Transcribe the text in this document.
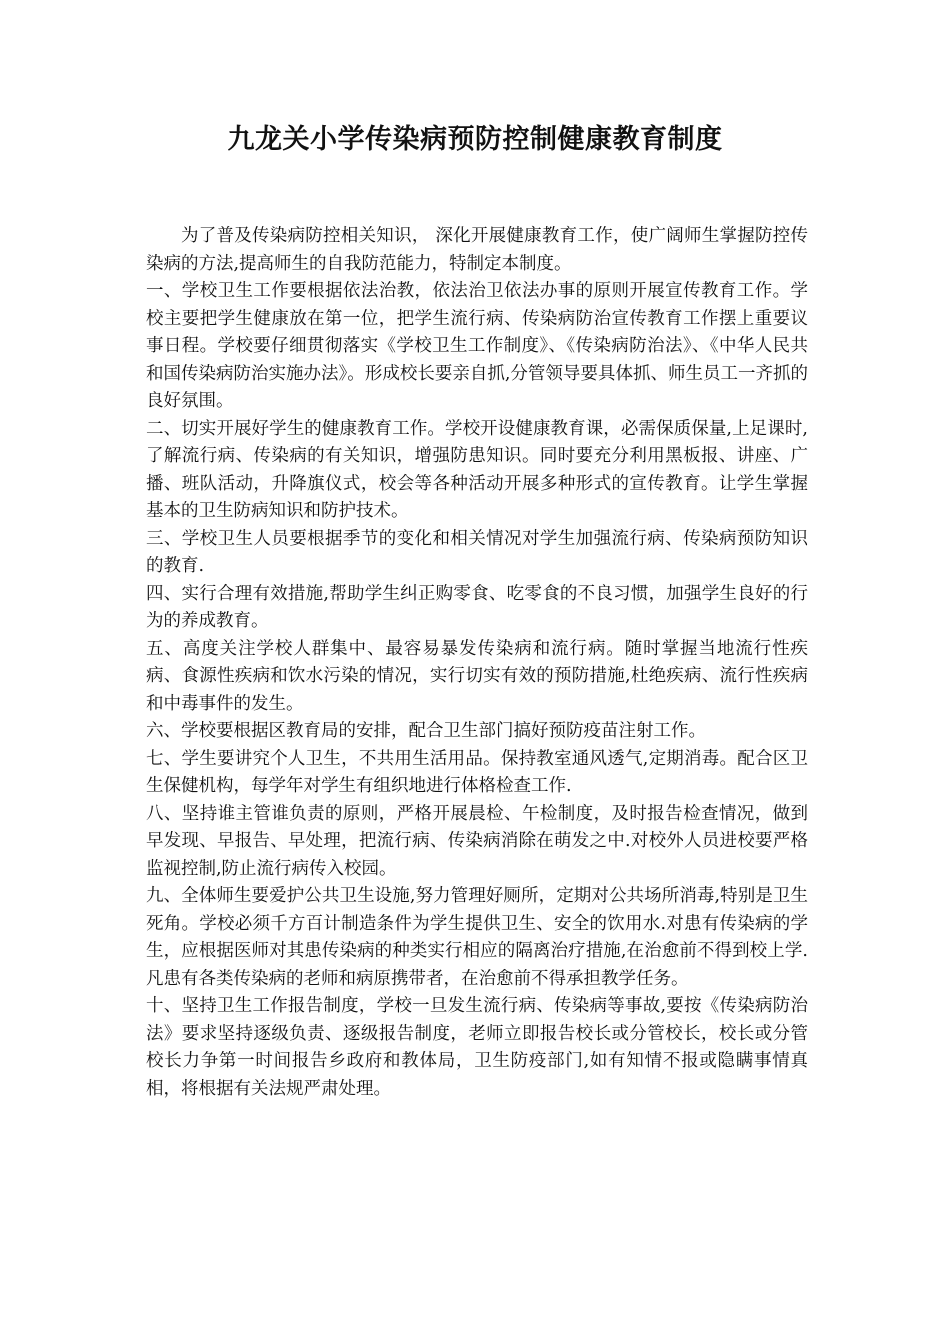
九龙关小学传染病预防控制健康教育制度

为了普及传染病防控相关知识， 深化开展健康教育工作，使广阔师生掌握防控传染病的方法,提高师生的自我防范能力，特制定本制度。

一、学校卫生工作要根据依法治教，依法治卫依法办事的原则开展宣传教育工作。学校主要把学生健康放在第一位，把学生流行病、传染病防治宣传教育工作摆上重要议事日程。学校要仔细贯彻落实《学校卫生工作制度》、《传染病防治法》、《中华人民共和国传染病防治实施办法》。形成校长要亲自抓,分管领导要具体抓、师生员工一齐抓的良好氛围。

二、切实开展好学生的健康教育工作。学校开设健康教育课，必需保质保量,上足课时,了解流行病、传染病的有关知识，增强防患知识。同时要充分利用黑板报、讲座、广播、班队活动，升降旗仪式，校会等各种活动开展多种形式的宣传教育。让学生掌握基本的卫生防病知识和防护技术。

三、学校卫生人员要根据季节的变化和相关情况对学生加强流行病、传染病预防知识的教育.

四、实行合理有效措施,帮助学生纠正购零食、吃零食的不良习惯，加强学生良好的行为的养成教育。

五、高度关注学校人群集中、最容易暴发传染病和流行病。随时掌握当地流行性疾病、食源性疾病和饮水污染的情况，实行切实有效的预防措施,杜绝疾病、流行性疾病和中毒事件的发生。

六、学校要根据区教育局的安排，配合卫生部门搞好预防疫苗注射工作。

七、学生要讲究个人卫生，不共用生活用品。保持教室通风透气,定期消毒。配合区卫生保健机构，每学年对学生有组织地进行体格检查工作.

八、坚持谁主管谁负责的原则，严格开展晨检、午检制度，及时报告检查情况，做到早发现、早报告、早处理，把流行病、传染病消除在萌发之中.对校外人员进校要严格监视控制,防止流行病传入校园。

九、全体师生要爱护公共卫生设施,努力管理好厕所，定期对公共场所消毒,特别是卫生死角。学校必须千方百计制造条件为学生提供卫生、安全的饮用水.对患有传染病的学生，应根据医师对其患传染病的种类实行相应的隔离治疗措施,在治愈前不得到校上学.凡患有各类传染病的老师和病原携带者，在治愈前不得承担教学任务。

十、坚持卫生工作报告制度，学校一旦发生流行病、传染病等事故,要按《传染病防治法》要求坚持逐级负责、逐级报告制度，老师立即报告校长或分管校长，校长或分管校长力争第一时间报告乡政府和教体局，卫生防疫部门,如有知情不报或隐瞒事情真相，将根据有关法规严肃处理。
